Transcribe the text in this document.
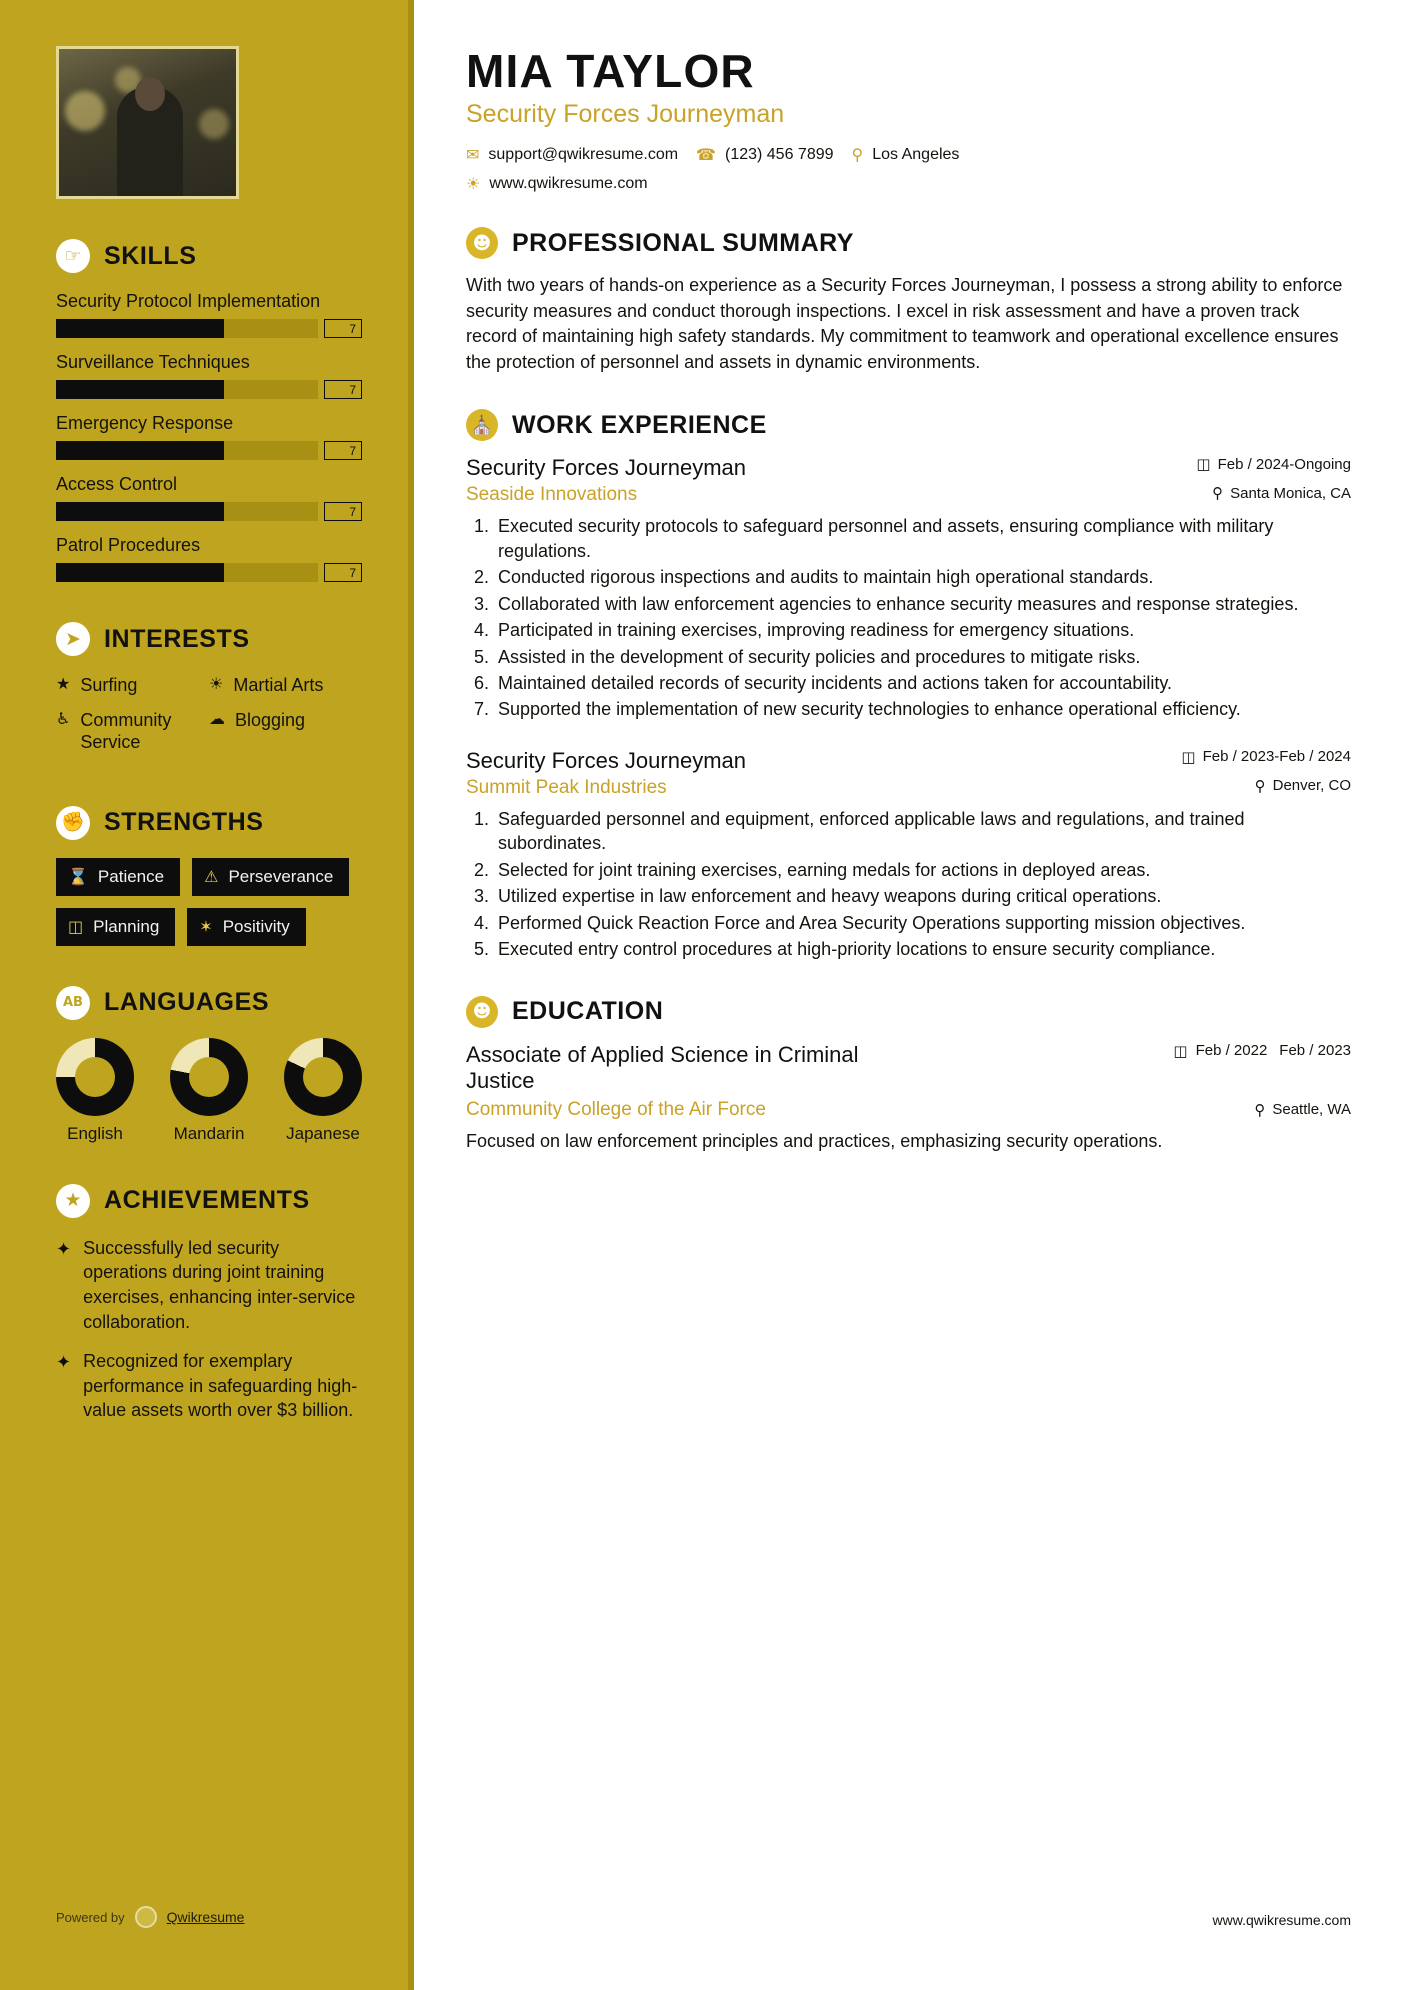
☞ SKILLS
Security Protocol Implementation
7
Surveillance Techniques
7
Emergency Response
7
Access Control
7
Patrol Procedures
7
➤ INTERESTS
★ Surfing	☀ Martial Arts
♿ Community Service
☁ Blogging
✊ STRENGTHS
⌛ Patience	⚠ Perseverance
◫ Planning	✶ Positivity
AB LANGUAGES
English	Mandarin Japanese
★ ACHIEVEMENTS
✦ Successfully led security operations during joint training exercises, enhancing inter-service collaboration.

✦ Recognized for exemplary performance in safeguarding high-value assets worth over $3 billion.

Powered by	Qwikresume
MIA TAYLOR
Security Forces Journeyman
✉ support@qwikresume.com ☎ (123) 456 7899 ⚲ Los Angeles
☀ www.qwikresume.com
☻ PROFESSIONAL SUMMARY

With two years of hands-on experience as a Security Forces Journeyman, I possess a strong ability to enforce security measures and conduct thorough inspections. I excel in risk assessment and have a proven track record of maintaining high safety standards. My commitment to teamwork and operational excellence ensures the protection of personnel and assets in dynamic environments.

⛪ WORK EXPERIENCE
Security Forces Journeyman	◫ Feb / 2024-Ongoing
Seaside Innovations	⚲ Santa Monica, CA
1. Executed security protocols to safeguard personnel and assets, ensuring compliance with military regulations.
2. Conducted rigorous inspections and audits to maintain high operational standards.
3. Collaborated with law enforcement agencies to enhance security measures and response strategies.
4. Participated in training exercises, improving readiness for emergency situations.
5. Assisted in the development of security policies and procedures to mitigate risks.
6. Maintained detailed records of security incidents and actions taken for accountability.
7. Supported the implementation of new security technologies to enhance operational efficiency.
Security Forces Journeyman	◫ Feb / 2023-Feb / 2024
Summit Peak Industries	⚲ Denver, CO
1. Safeguarded personnel and equipment, enforced applicable laws and regulations, and trained subordinates.
2. Selected for joint training exercises, earning medals for actions in deployed areas.
3. Utilized expertise in law enforcement and heavy weapons during critical operations.
4. Performed Quick Reaction Force and Area Security Operations supporting mission objectives.
5. Executed entry control procedures at high-priority locations to ensure security compliance.
☻ EDUCATION
Associate of Applied Science in Criminal Justice
◫ Feb / 2022 Feb / 2023
Community College of the Air Force	⚲ Seattle, WA

Focused on law enforcement principles and practices, emphasizing security operations.

www.qwikresume.com
